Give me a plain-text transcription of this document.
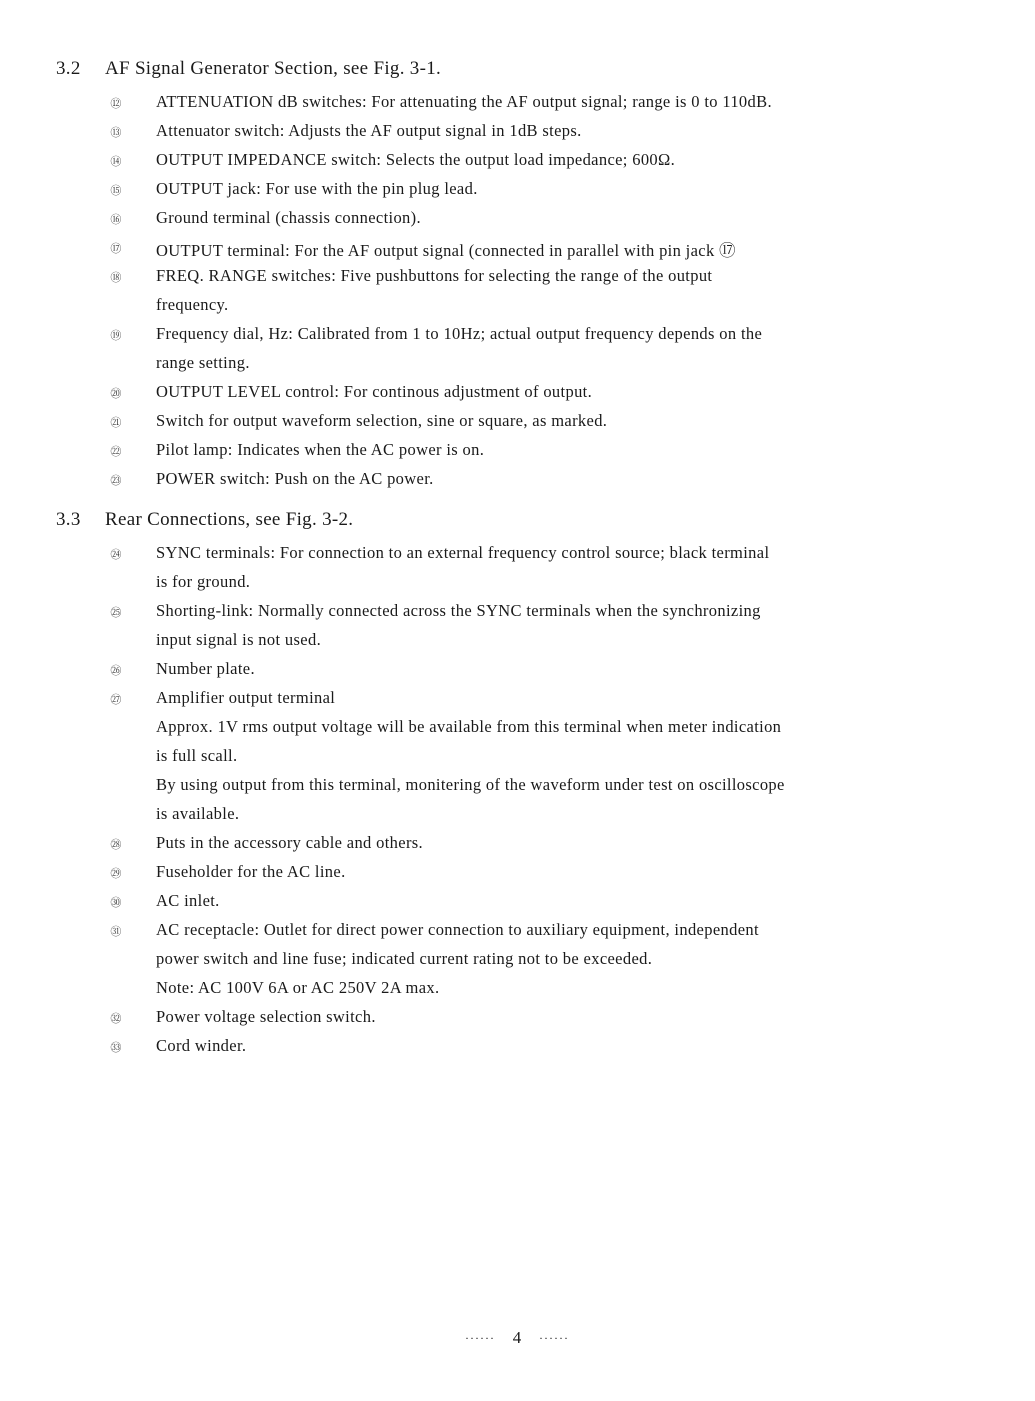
3.2 AF Signal Generator Section, see Fig. 3-1.
⑫ ATTENUATION dB switches: For attenuating the AF output signal; range is 0 to 110dB.
⑬ Attenuator switch: Adjusts the AF output signal in 1dB steps.
⑭ OUTPUT IMPEDANCE switch: Selects the output load impedance; 600Ω.
⑮ OUTPUT jack: For use with the pin plug lead.
⑯ Ground terminal (chassis connection).
⑰ OUTPUT terminal: For the AF output signal (connected in parallel with pin jack ⑰
⑱ FREQ. RANGE switches: Five pushbuttons for selecting the range of the output
frequency.
⑲ Frequency dial, Hz: Calibrated from 1 to 10Hz; actual output frequency depends on the
range setting.
⑳ OUTPUT LEVEL control: For continous adjustment of output.
㉑ Switch for output waveform selection, sine or square, as marked.
㉒ Pilot lamp: Indicates when the AC power is on.
㉓ POWER switch: Push on the AC power.
3.3 Rear Connections, see Fig. 3-2.
㉔ SYNC terminals: For connection to an external frequency control source; black terminal
is for ground.
㉕ Shorting-link: Normally connected across the SYNC terminals when the synchronizing
input signal is not used.
㉖ Number plate.
㉗ Amplifier output terminal
Approx. 1V rms output voltage will be available from this terminal when meter indication
is full scall.
By using output from this terminal, monitering of the waveform under test on oscilloscope
is available.
㉘ Puts in the accessory cable and others.
㉙ Fuseholder for the AC line.
㉚ AC inlet.
㉛ AC receptacle: Outlet for direct power connection to auxiliary equipment, independent
power switch and line fuse; indicated current rating not to be exceeded.
Note: AC 100V 6A or AC 250V 2A max.
㉜ Power voltage selection switch.
㉝ Cord winder.
...... 4 ......
